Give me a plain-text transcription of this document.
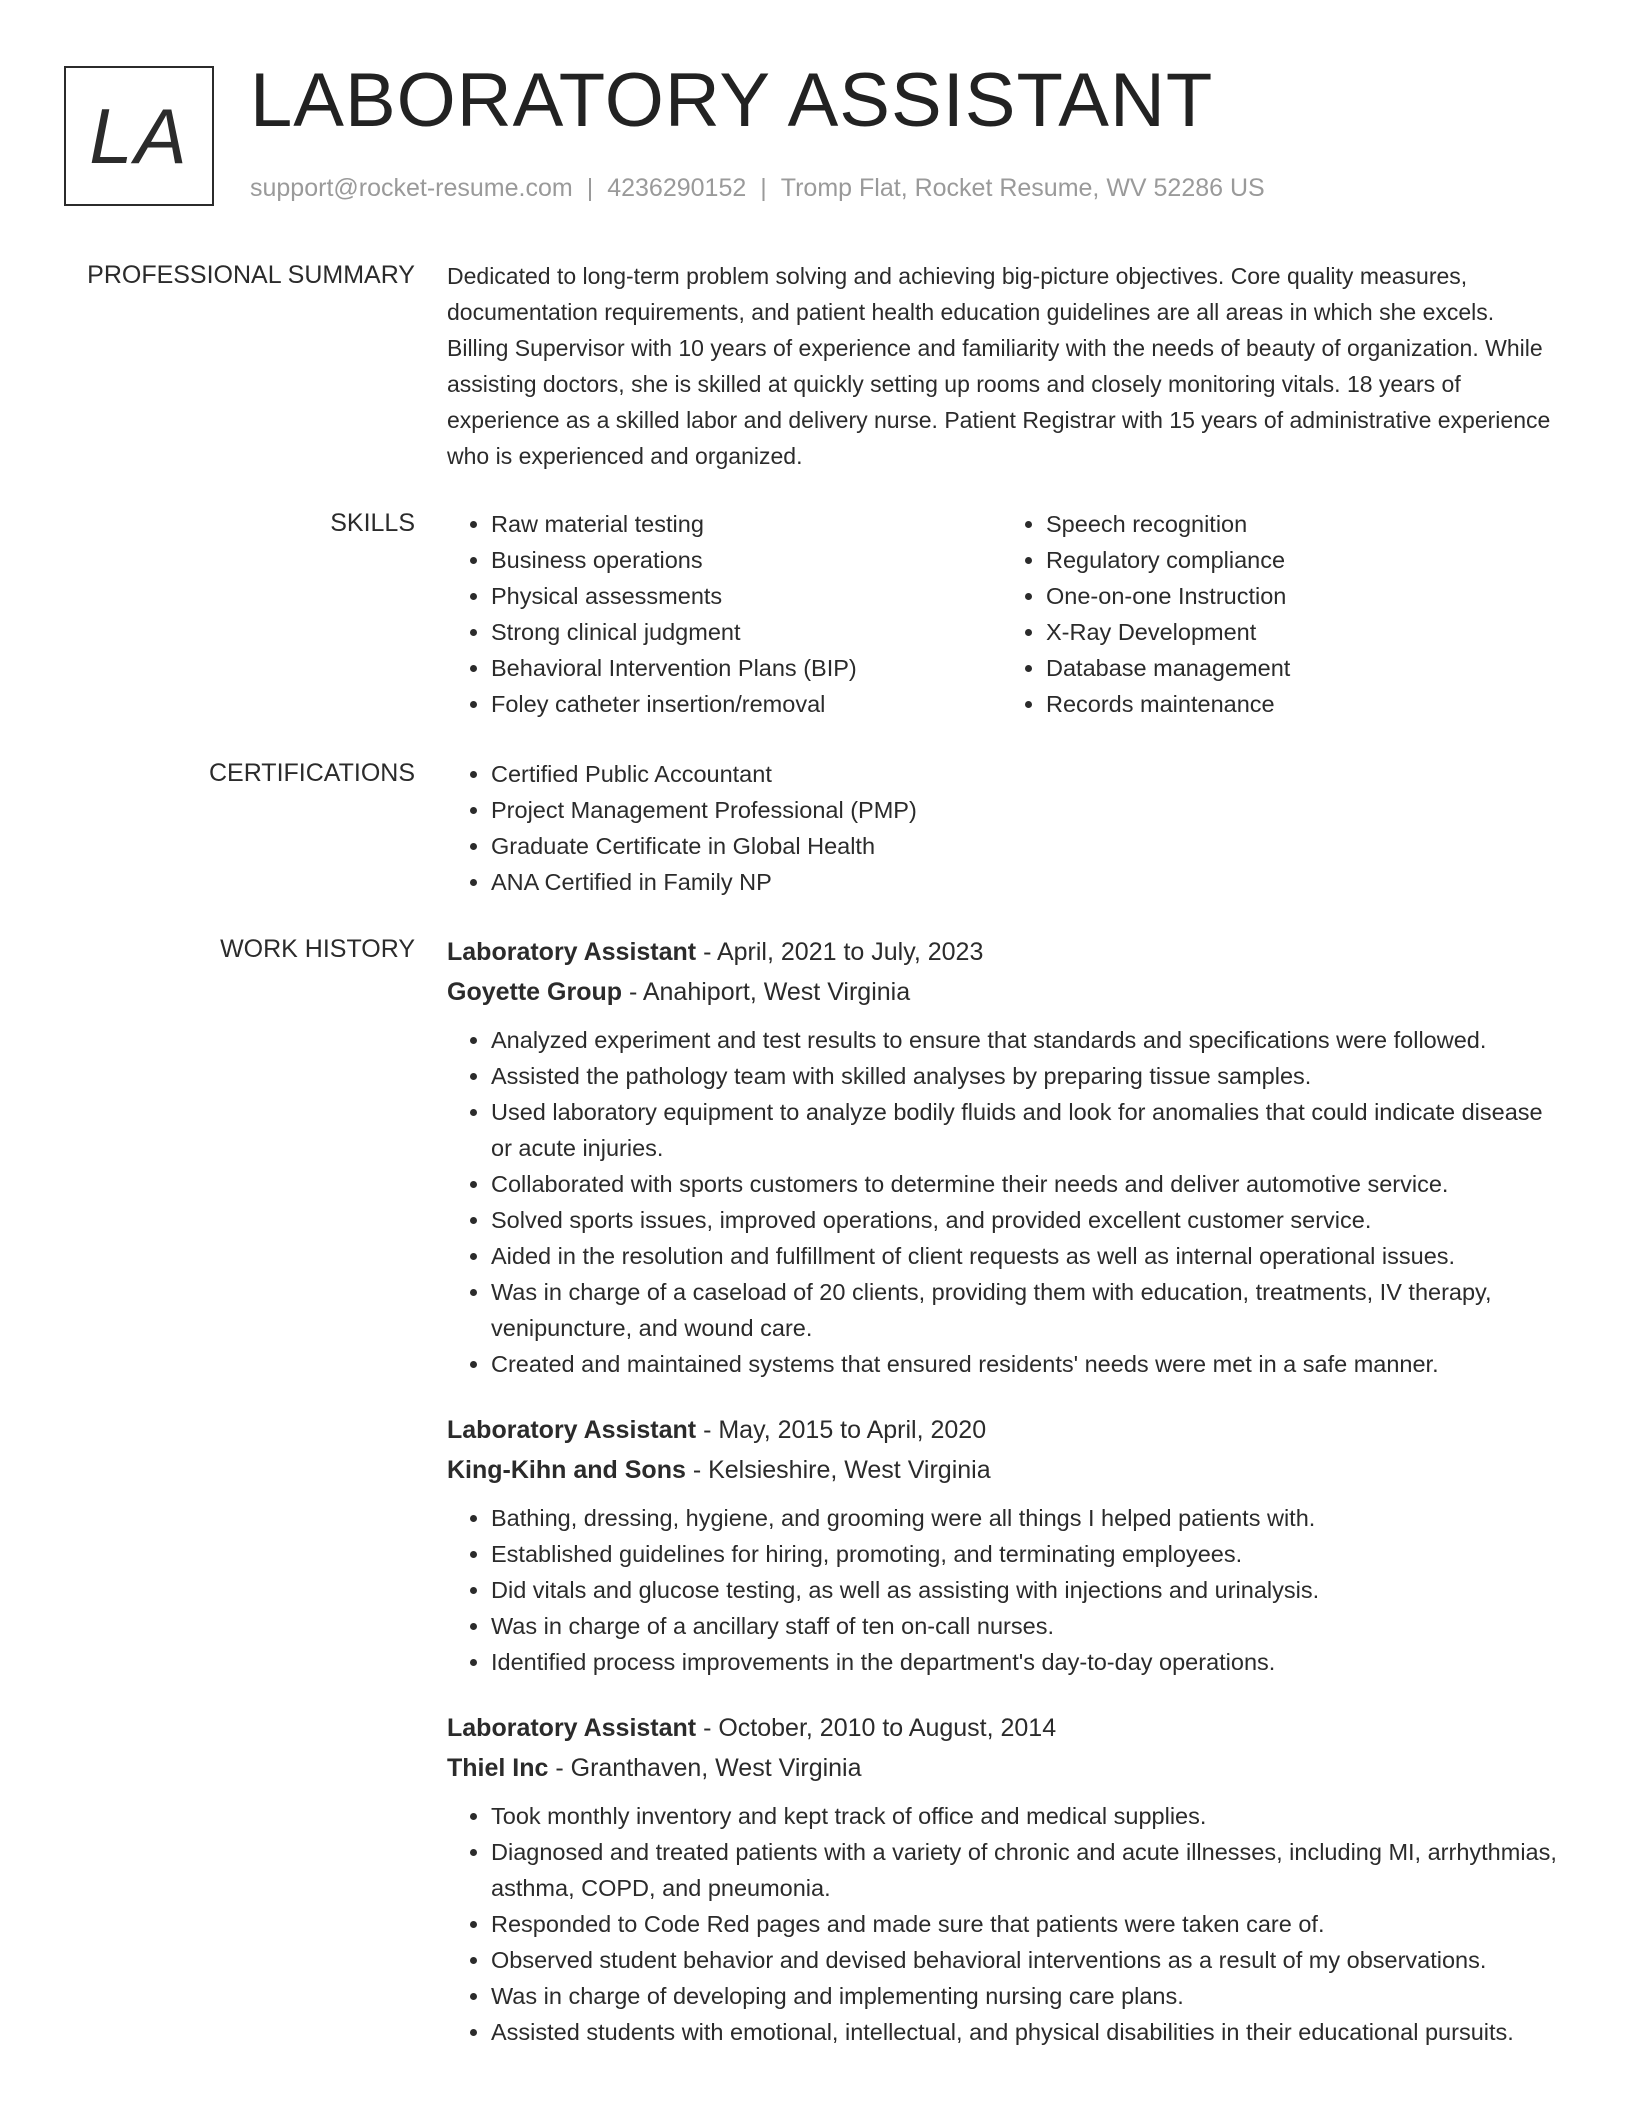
LA LABORATORY ASSISTANT
support@rocket-resume.com | 4236290152 | Tromp Flat, Rocket Resume, WV 52286 US
PROFESSIONAL SUMMARY Dedicated to long-term problem solving and achieving big-picture objectives. Core quality measures, documentation requirements, and patient health education guidelines are all areas in which she excels. Billing Supervisor with 10 years of experience and familiarity with the needs of beauty of organization. While assisting doctors, she is skilled at quickly setting up rooms and closely monitoring vitals. 18 years of experience as a skilled labor and delivery nurse. Patient Registrar with 15 years of administrative experience who is experienced and organized.

SKILLS	• Raw material testing
• Business operations
• Physical assessments
• Strong clinical judgment
• Behavioral Intervention Plans (BIP)
• Foley catheter insertion/removal
• Speech recognition
• Regulatory compliance
• One-on-one Instruction
• X-Ray Development
• Database management
• Records maintenance
CERTIFICATIONS	• Certified Public Accountant
• Project Management Professional (PMP)
• Graduate Certificate in Global Health
• ANA Certified in Family NP
WORK HISTORY Laboratory Assistant - April, 2021 to July, 2023
Goyette Group - Anahiport, West Virginia
• Analyzed experiment and test results to ensure that standards and specifications were followed.
• Assisted the pathology team with skilled analyses by preparing tissue samples.
• Used laboratory equipment to analyze bodily fluids and look for anomalies that could indicate disease or acute injuries.
• Collaborated with sports customers to determine their needs and deliver automotive service.
• Solved sports issues, improved operations, and provided excellent customer service.
• Aided in the resolution and fulfillment of client requests as well as internal operational issues.
• Was in charge of a caseload of 20 clients, providing them with education, treatments, IV therapy, venipuncture, and wound care.
• Created and maintained systems that ensured residents' needs were met in a safe manner.
Laboratory Assistant - May, 2015 to April, 2020
King-Kihn and Sons - Kelsieshire, West Virginia
• Bathing, dressing, hygiene, and grooming were all things I helped patients with.
• Established guidelines for hiring, promoting, and terminating employees.
• Did vitals and glucose testing, as well as assisting with injections and urinalysis.
• Was in charge of a ancillary staff of ten on-call nurses.
• Identified process improvements in the department's day-to-day operations.
Laboratory Assistant - October, 2010 to August, 2014
Thiel Inc - Granthaven, West Virginia
• Took monthly inventory and kept track of office and medical supplies.
• Diagnosed and treated patients with a variety of chronic and acute illnesses, including MI, arrhythmias, asthma, COPD, and pneumonia.
• Responded to Code Red pages and made sure that patients were taken care of.
• Observed student behavior and devised behavioral interventions as a result of my observations.
• Was in charge of developing and implementing nursing care plans.
• Assisted students with emotional, intellectual, and physical disabilities in their educational pursuits.
